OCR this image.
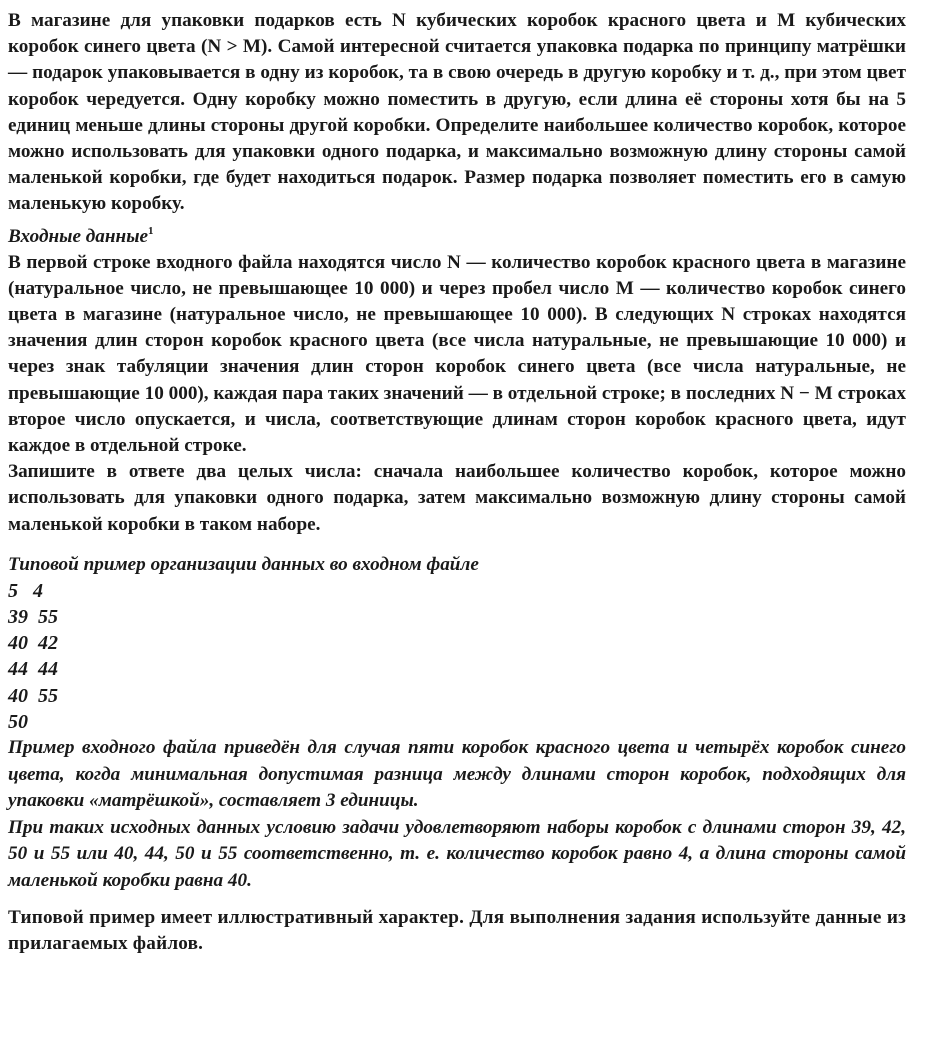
В магазине для упаковки подарков есть N кубических коробок красного цвета и M кубических коробок синего цвета (N > M). Самой интересной считается упаковка подарка по принципу матрёшки — подарок упаковывается в одну из коробок, та в свою очередь в другую коробку и т. д., при этом цвет коробок чередуется. Одну коробку можно поместить в другую, если длина её стороны хотя бы на 5 единиц меньше длины стороны другой коробки. Определите наибольшее количество коробок, которое можно использовать для упаковки одного подарка, и максимально возможную длину стороны самой маленькой коробки, где будет находиться подарок. Размер подарка позволяет поместить его в самую маленькую коробку.

Входные данные$^1$

В первой строке входного файла находятся число N — количество коробок красного цвета в магазине (натуральное число, не превышающее 10 000) и через пробел число M — количество коробок синего цвета в магазине (натуральное число, не превышающее 10 000). В следующих N строках находятся значения длин сторон коробок красного цвета (все числа натуральные, не превышающие 10 000) и через знак табуляции значения длин сторон коробок синего цвета (все числа натуральные, не превышающие 10 000), каждая пара таких значений — в отдельной строке; в последних N − M строках второе число опускается, и числа, соответствующие длинам сторон коробок красного цвета, идут каждое в отдельной строке.

Запишите в ответе два целых числа: сначала наибольшее количество коробок, которое можно использовать для упаковки одного подарка, затем максимально возможную длину стороны самой маленькой коробки в таком наборе.

Типовой пример организации данных во входном файле

5   4
39  55
40  42
44  44
40  55
50

Пример входного файла приведён для случая пяти коробок красного цвета и четырёх коробок синего цвета, когда минимальная допустимая разница между длинами сторон коробок, подходящих для упаковки «матрёшкой», составляет 3 единицы.

При таких исходных данных условию задачи удовлетворяют наборы коробок с длинами сторон 39, 42, 50 и 55 или 40, 44, 50 и 55 соответственно, т. е. количество коробок равно 4, а длина стороны самой маленькой коробки равна 40.

Типовой пример имеет иллюстративный характер. Для выполнения задания используйте данные из прилагаемых файлов.
